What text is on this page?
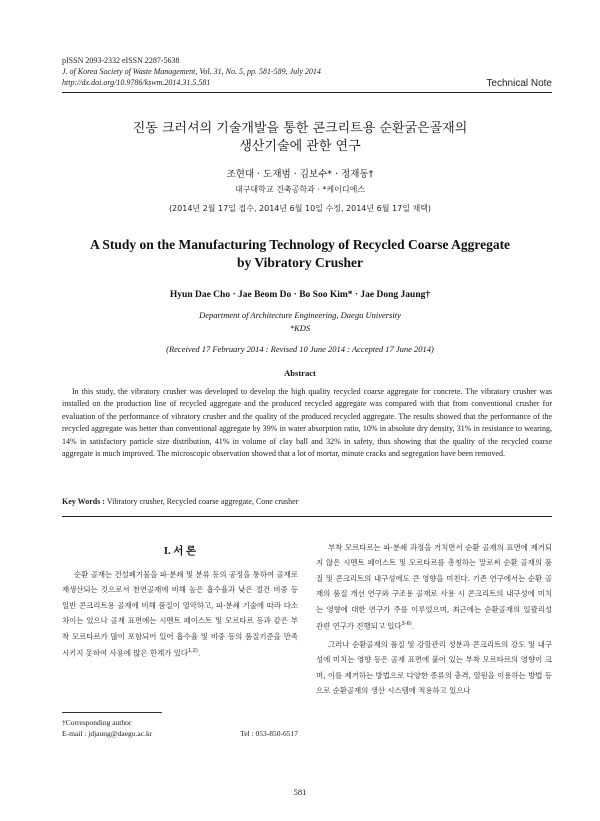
pISSN 2093-2332 eISSN 2287-5638
J. of Korea Society of Waste Management, Vol. 31, No. 5, pp. 581-589, July 2014
http://dx.doi.org/10.9786/kswm.2014.31.5.581	Technical Note
진동 크러셔의 기술개발을 통한 콘크리트용 순환굵은골재의
생산기술에 관한 연구
조현대 · 도재범 · 김보수* · 정재동†
대구대학교 건축공학과 · *케이디에스
(2014년 2월 17일 접수, 2014년 6월 10일 수정, 2014년 6월 17일 채택)
A Study on the Manufacturing Technology of Recycled Coarse Aggregate
by Vibratory Crusher
Hyun Dae Cho · Jae Beom Do · Bo Soo Kim* · Jae Dong Jaung†
Department of Architecture Engineering, Daegu University
*KDS
(Received 17 February 2014 : Revised 10 June 2014 : Accepted 17 June 2014)
Abstract
In this study, the vibratory crusher was developed to develop the high quality recycled coarse aggregate for concrete. The vibratory crusher was installed on the production line of recycled aggregate and the produced recycled aggregate was compared with that from conventional crusher for evaluation of the performance of vibratory crusher and the quality of the produced recycled aggregate. The results showed that the performance of the recycled aggregate was better than conventional aggregate by 39% in water absorption ratio, 10% in absolute dry density, 31% in resistance to wearing, 14% in satisfactory particle size distribution, 41% in volume of clay ball and 32% in safety, thus showing that the quality of the recycled coarse aggregate is much improved. The microscopic observation showed that a lot of mortar, minute cracks and segregation have been removed.
Key Words : Vibratory crusher, Recycled coarse aggregate, Cone crusher
I. 서 론

순환 골재는 건설폐기물을 파·분쇄 및 분류 등의 공정을 통하여 골재로 재생산되는 것으로서 천연골재에 비해 높은 흡수율과 낮은 절건 비중 등 일반 콘크리트용 골재에 비해 품질이 열악하고, 파·분쇄 기술에 따라 다소 차이는 있으나 골재 표면에는 시멘트 페이스트 및 모르타르 등과 같은 부착 모르타르가 많이 포함되어 있어 흡수율 및 비중 등의 품질기준을 만족시키지 못하여 사용에 많은 한계가 있다$^{1,2)}$.

부착 모르타르는 파·분쇄 과정을 거치면서 순환 골재의 표면에 제거되지 않은 시멘트 페이스트 및 모르타르를 총칭하는 말로써 순환 골재의 품질 및 콘크리트의 내구성에도 큰 영향을 미친다. 기존 연구에서는 순환 골재의 품질 개선 연구와 구조용 골재로 사용 시 콘크리트의 내구성에 미치는 영향에 대한 연구가 주를 이루었으며, 최근에는 순환골재의 일괄리성 관련 연구가 진행되고 있다$^{3-6)}$.

그러나 순환골재의 품질 및 강할관리 성분과 콘크리트의 강도 및 내구성에 미치는 영향 등은 골재 표면에 붙어 있는 부착 모르타르의 영향이 크며, 이를 제거하는 방법으로 다양한 종류의 충격, 열원을 이용하는 방법 등으로 순환골재의 생산 시스템에 적용하고 있으나

†Corresponding author
E-mail : jdjaung@daegu.ac.kr	Tel : 053-850-6517
581
